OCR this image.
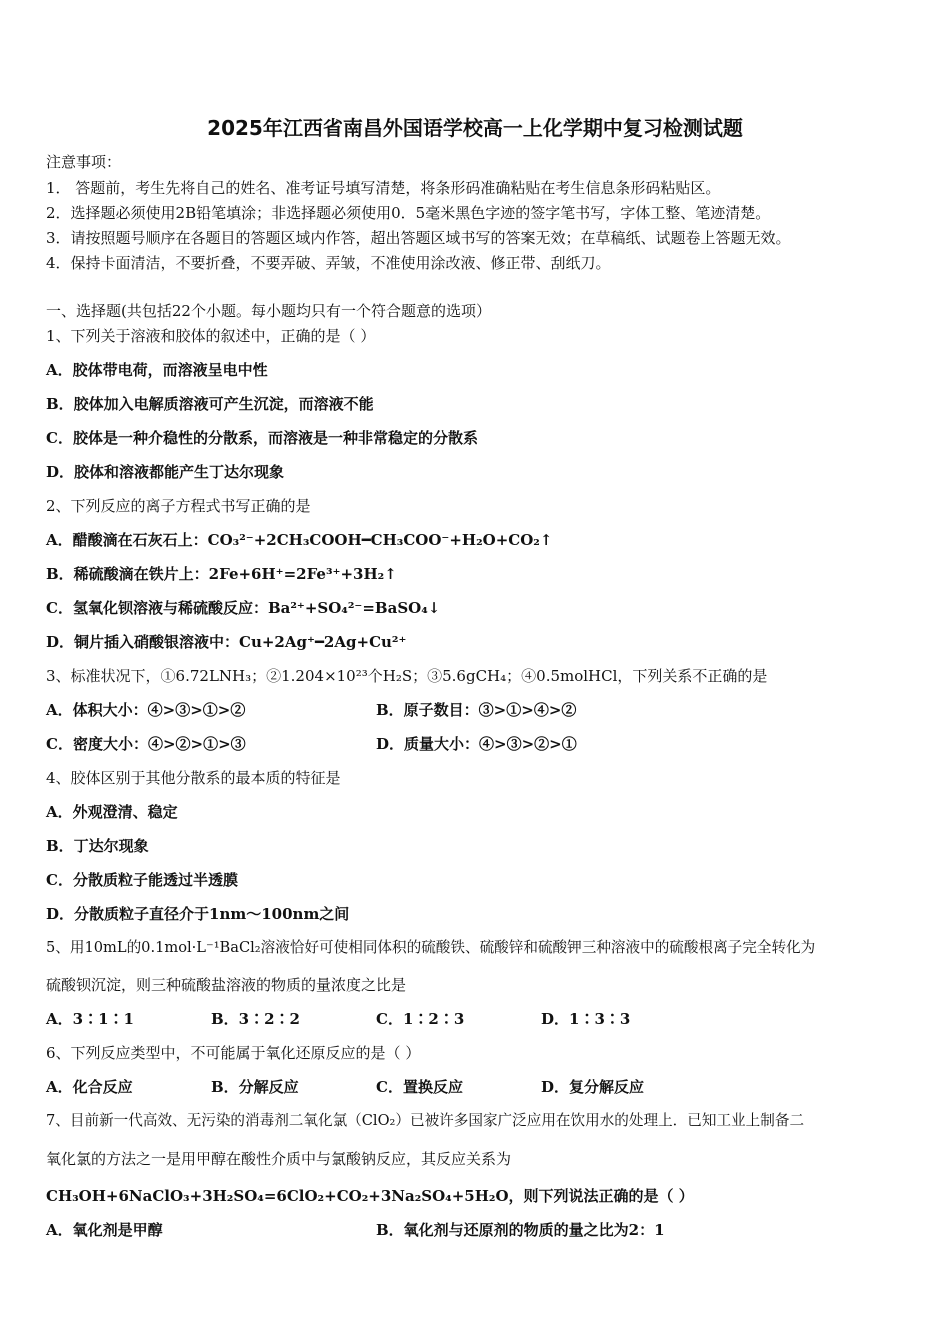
2025年江西省南昌外国语学校高一上化学期中复习检测试题
注意事项：
1． 答题前，考生先将自己的姓名、准考证号填写清楚，将条形码准确粘贴在考生信息条形码粘贴区。
2．选择题必须使用2B铅笔填涂；非选择题必须使用0．5毫米黑色字迹的签字笔书写，字体工整、笔迹清楚。
3．请按照题号顺序在各题目的答题区域内作答，超出答题区域书写的答案无效；在草稿纸、试题卷上答题无效。
4．保持卡面清洁，不要折叠，不要弄破、弄皱，不准使用涂改液、修正带、刮纸刀。
一、选择题(共包括22个小题。每小题均只有一个符合题意的选项）
1、下列关于溶液和胶体的叙述中，正确的是（ ）
A．胶体带电荷，而溶液呈电中性
B．胶体加入电解质溶液可产生沉淀，而溶液不能
C．胶体是一种介稳性的分散系，而溶液是一种非常稳定的分散系
D．胶体和溶液都能产生丁达尔现象
2、下列反应的离子方程式书写正确的是
A．醋酸滴在石灰石上：CO₃²⁻+2CH₃COOH━CH₃COO⁻+H₂O+CO₂↑
B．稀硫酸滴在铁片上：2Fe+6H⁺=2Fe³⁺+3H₂↑
C．氢氧化钡溶液与稀硫酸反应：Ba²⁺+SO₄²⁻=BaSO₄↓
D．铜片插入硝酸银溶液中：Cu+2Ag⁺━2Ag+Cu²⁺
3、标准状况下，①6.72LNH₃；②1.204×10²³个H₂S；③5.6gCH₄；④0.5molHCl，下列关系不正确的是
A．体积大小：④>③>①>②	B．原子数目：③>①>④>②
C．密度大小：④>②>①>③	D．质量大小：④>③>②>①
4、胶体区别于其他分散系的最本质的特征是
A．外观澄清、稳定
B．丁达尔现象
C．分散质粒子能透过半透膜
D．分散质粒子直径介于1nm～100nm之间
5、用10mL的0.1mol·L⁻¹BaCl₂溶液恰好可使相同体积的硫酸铁、硫酸锌和硫酸钾三种溶液中的硫酸根离子完全转化为
硫酸钡沉淀，则三种硫酸盐溶液的物质的量浓度之比是
A．3∶1∶1	B．3∶2∶2	C．1∶2∶3	D．1∶3∶3
6、下列反应类型中，不可能属于氧化还原反应的是（ ）
A．化合反应	B．分解反应	C．置换反应	D．复分解反应
7、目前新一代高效、无污染的消毒剂二氧化氯（ClO₂）已被许多国家广泛应用在饮用水的处理上．已知工业上制备二
氧化氯的方法之一是用甲醇在酸性介质中与氯酸钠反应，其反应关系为
CH₃OH+6NaClO₃+3H₂SO₄=6ClO₂+CO₂+3Na₂SO₄+5H₂O，则下列说法正确的是（ ）
A．氧化剂是甲醇	B．氧化剂与还原剂的物质的量之比为2：1
